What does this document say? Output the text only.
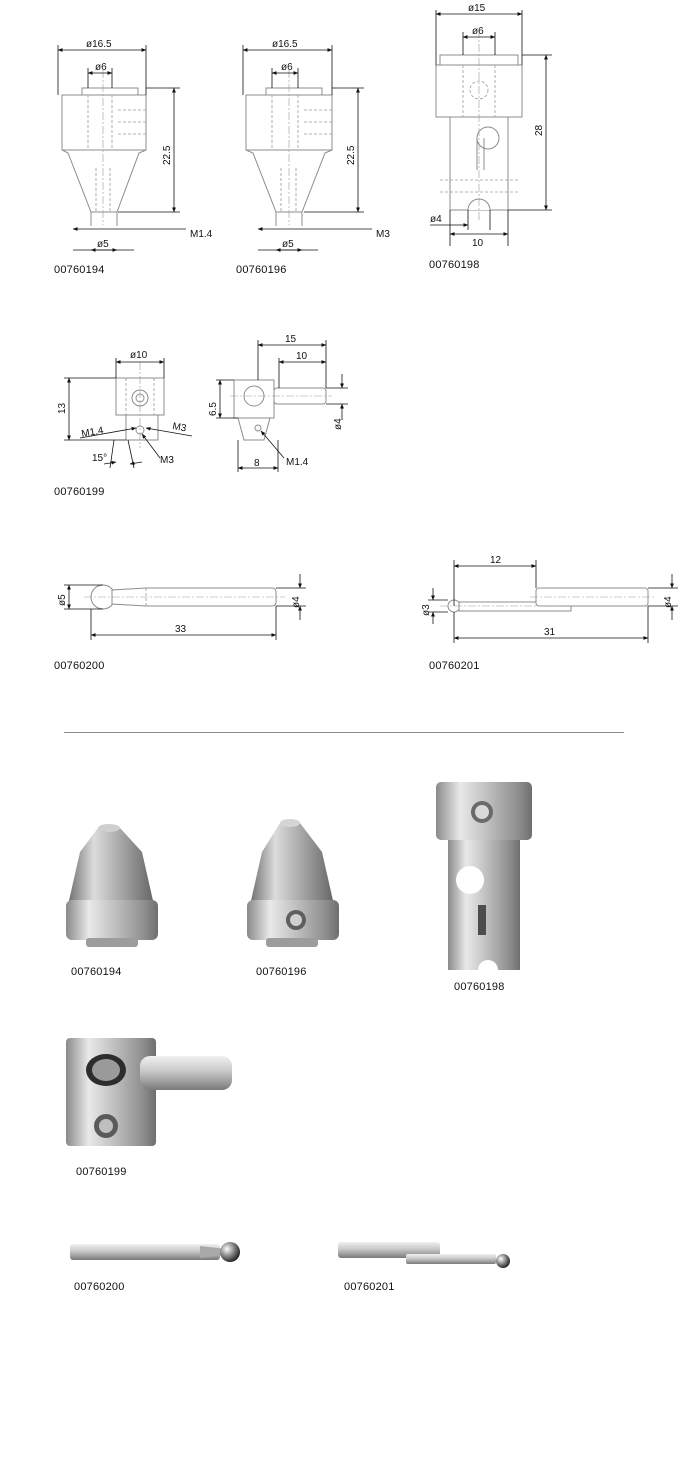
ø16.5
ø6
22.5
M1.4
ø5
ø16.5
ø6
22.5
M3
ø5
ø15
ø6
28
ø4
10
ø10
13
M1.4	M3
M3
15°
15
10
6.5
ø4
8	M1.4
ø5	ø4
33
12
ø3
ø4
31
00760194	00760196	00760198
00760199
00760200	00760201
00760194	00760196
00760198
00760199
00760200	00760201
